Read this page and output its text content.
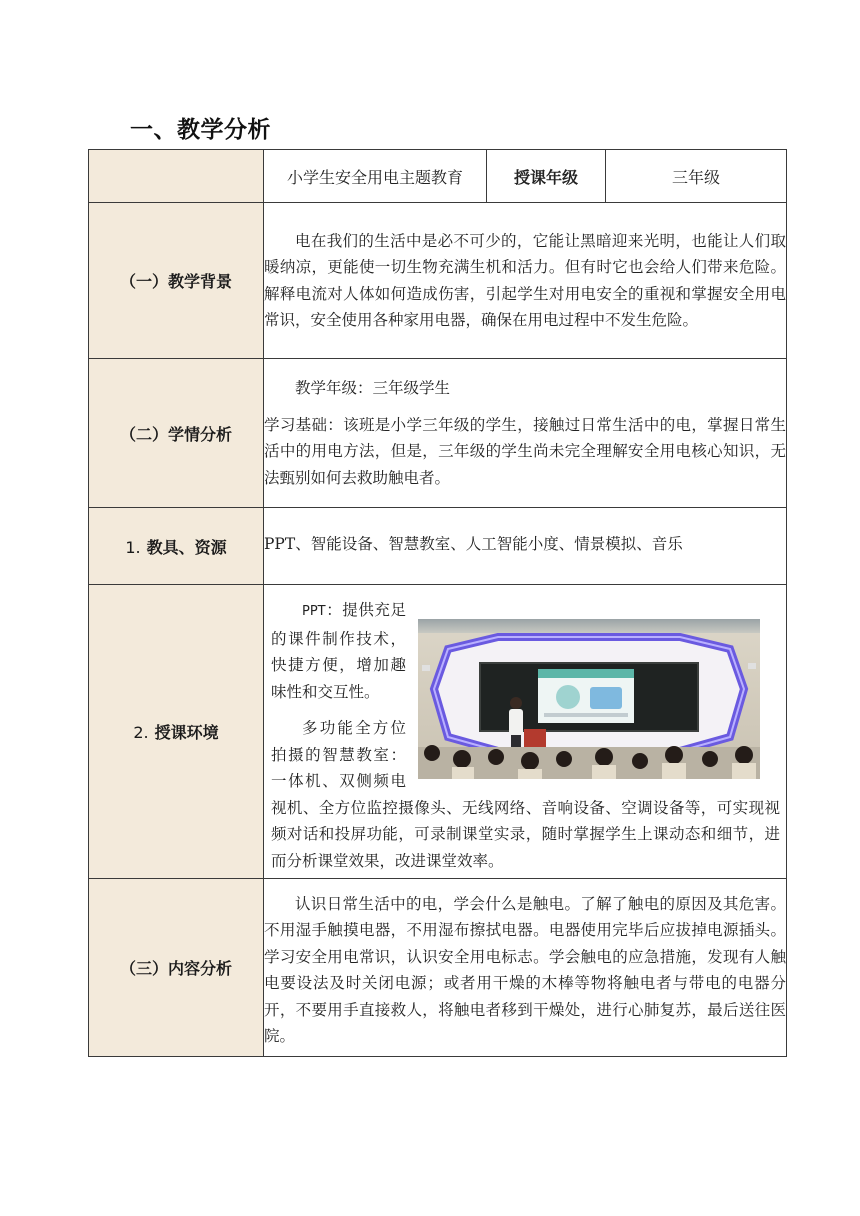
一、教学分析
	小学生安全用电主题教育	授课年级	三年级
（一）教学背景	电在我们的生活中是必不可少的，它能让黑暗迎来光明，也能让人们取暖纳凉，更能使一切生物充满生机和活力。但有时它也会给人们带来危险。解释电流对人体如何造成伤害，引起学生对用电安全的重视和掌握安全用电常识，安全使用各种家用电器，确保在用电过程中不发生危险。		

（二）学情分析	教学年级：三年级学生

学习基础：该班是小学三年级的学生，接触过日常生活中的电，掌握日常生活中的用电方法，但是，三年级的学生尚未完全理解安全用电核心知识，无法甄别如何去救助触电者。		

1. 教具、资源	PPT、智能设备、智慧教室、人工智能小度、情景模拟、音乐		

2. 授课环境	PPT：提供充足的课件制作技术，快捷方便，增加趣味性和交互性。

多功能全方位拍摄的智慧教室：一体机、双侧频电视机、全方位监控摄像头、无线网络、音响设备、空调设备等，可实现视频对话和投屏功能，可录制课堂实录，随时掌握学生上课动态和细节，进而分析课堂效果，改进课堂效率。		

（三）内容分析	认识日常生活中的电，学会什么是触电。了解了触电的原因及其危害。不用湿手触摸电器，不用湿布擦拭电器。电器使用完毕后应拔掉电源插头。学习安全用电常识，认识安全用电标志。学会触电的应急措施，发现有人触电要设法及时关闭电源；或者用干燥的木棒等物将触电者与带电的电器分开，不要用手直接救人，将触电者移到干燥处，进行心肺复苏，最后送往医院。		
